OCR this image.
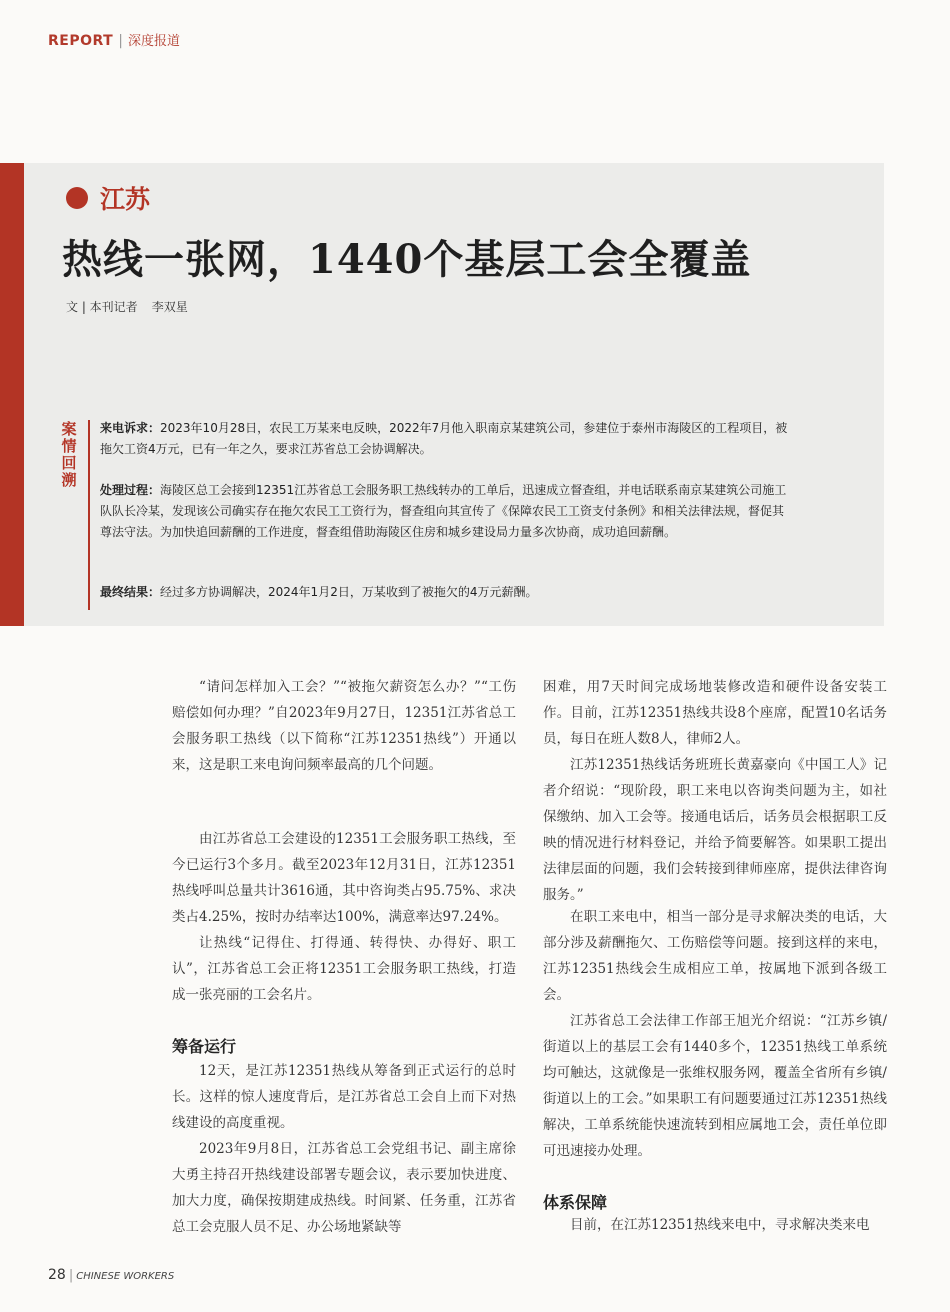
REPORT | 深度报道
江苏
热线一张网，1440个基层工会全覆盖
文 | 本刊记者 李双星
案情回溯
来电诉求：2023年10月28日，农民工万某来电反映，2022年7月他入职南京某建筑公司，参建位于泰州市海陵区的工程项目，被拖欠工资4万元，已有一年之久，要求江苏省总工会协调解决。
处理过程：海陵区总工会接到12351江苏省总工会服务职工热线转办的工单后，迅速成立督查组，并电话联系南京某建筑公司施工队队长冷某，发现该公司确实存在拖欠农民工工资行为，督查组向其宣传了《保障农民工工资支付条例》和相关法律法规，督促其尊法守法。为加快追回薪酬的工作进度，督查组借助海陵区住房和城乡建设局力量多次协商，成功追回薪酬。
最终结果：经过多方协调解决，2024年1月2日，万某收到了被拖欠的4万元薪酬。

“请问怎样加入工会？”“被拖欠薪资怎么办？”“工伤赔偿如何办理？”自2023年9月27日，12351江苏省总工会服务职工热线（以下简称“江苏12351热线”）开通以来，这是职工来电询问频率最高的几个问题。

由江苏省总工会建设的12351工会服务职工热线，至今已运行3个多月。截至2023年12月31日，江苏12351热线呼叫总量共计3616通，其中咨询类占95.75%、求决类占4.25%，按时办结率达100%，满意率达97.24%。

让热线“记得住、打得通、转得快、办得好、职工认”，江苏省总工会正将12351工会服务职工热线，打造成一张亮丽的工会名片。

筹备运行

12天，是江苏12351热线从筹备到正式运行的总时长。这样的惊人速度背后，是江苏省总工会自上而下对热线建设的高度重视。

2023年9月8日，江苏省总工会党组书记、副主席徐大勇主持召开热线建设部署专题会议，表示要加快进度、加大力度，确保按期建成热线。时间紧、任务重，江苏省总工会克服人员不足、办公场地紧缺等

困难，用7天时间完成场地装修改造和硬件设备安装工作。目前，江苏12351热线共设8个座席，配置10名话务员，每日在班人数8人，律师2人。

江苏12351热线话务班班长黄嘉豪向《中国工人》记者介绍说：“现阶段，职工来电以咨询类问题为主，如社保缴纳、加入工会等。接通电话后，话务员会根据职工反映的情况进行材料登记，并给予简要解答。如果职工提出法律层面的问题，我们会转接到律师座席，提供法律咨询服务。”

在职工来电中，相当一部分是寻求解决类的电话，大部分涉及薪酬拖欠、工伤赔偿等问题。接到这样的来电，江苏12351热线会生成相应工单，按属地下派到各级工会。

江苏省总工会法律工作部王旭光介绍说：“江苏乡镇/街道以上的基层工会有1440多个，12351热线工单系统均可触达，这就像是一张维权服务网，覆盖全省所有乡镇/街道以上的工会。”如果职工有问题要通过江苏12351热线解决，工单系统能快速流转到相应属地工会，责任单位即可迅速接办处理。

体系保障

目前，在江苏12351热线来电中，寻求解决类来电

28 | CHINESE WORKERS
